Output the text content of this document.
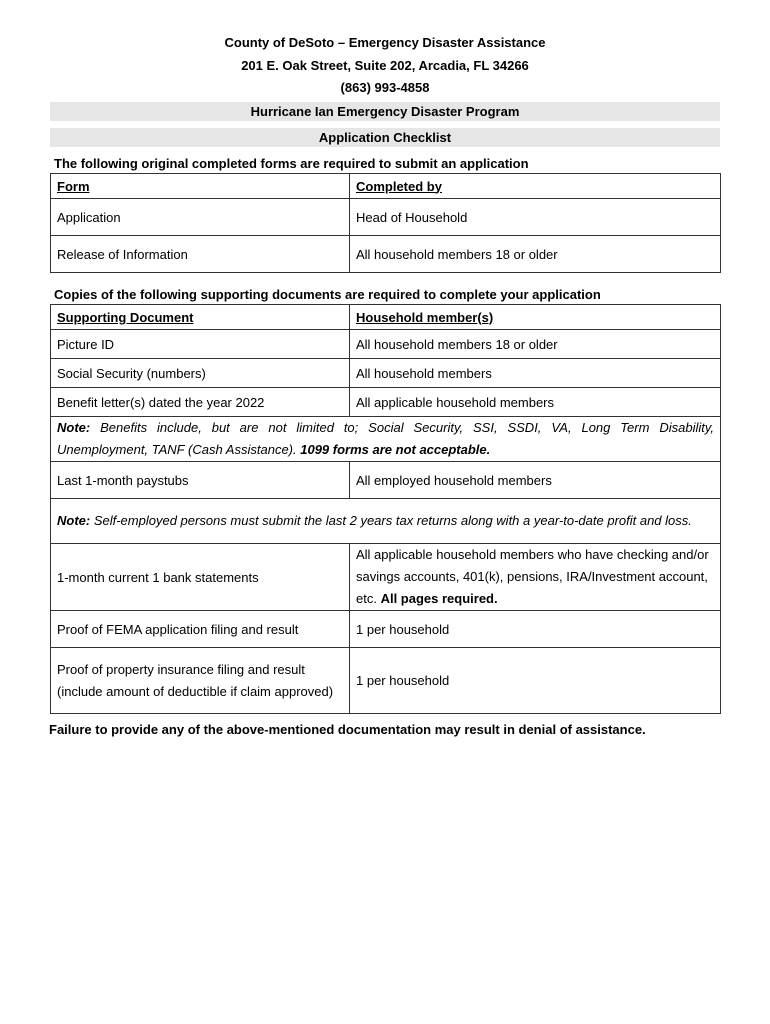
County of DeSoto – Emergency Disaster Assistance
201 E. Oak Street, Suite 202, Arcadia, FL 34266
(863) 993-4858
Hurricane Ian Emergency Disaster Program
Application Checklist
The following original completed forms are required to submit an application
Form	Completed by
Application	Head of Household
Release of Information	All household members 18 or older
Copies of the following supporting documents are required to complete your application
Supporting Document	Household member(s)
Picture ID	All household members 18 or older
Social Security (numbers)	All household members
Benefit letter(s) dated the year 2022	All applicable household members
Note: Benefits include, but are not limited to; Social Security, SSI, SSDI, VA, Long Term Disability, Unemployment, TANF (Cash Assistance). 1099 forms are not acceptable.	
Last 1-month paystubs	All employed household members
Note: Self-employed persons must submit the last 2 years tax returns along with a year-to-date profit and loss.	
1-month current 1 bank statements	All applicable household members who have checking and/or savings accounts, 401(k), pensions, IRA/Investment account, etc. All pages required.
Proof of FEMA application filing and result	1 per household
Proof of property insurance filing and result (include amount of deductible if claim approved)	1 per household
Failure to provide any of the above-mentioned documentation may result in denial of assistance.
